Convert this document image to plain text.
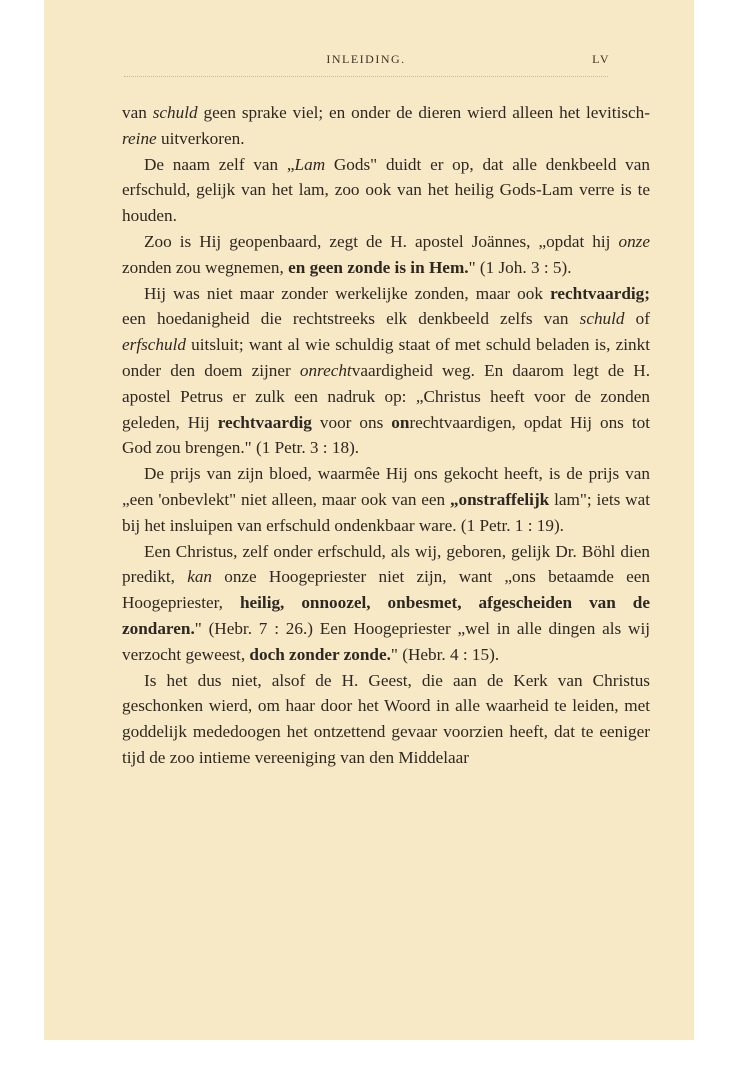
INLEIDING.	LV

van schuld geen sprake viel; en onder de dieren wierd alleen het levitisch-reine uitverkoren.

De naam zelf van „Lam Gods" duidt er op, dat alle denkbeeld van erfschuld, gelijk van het lam, zoo ook van het heilig Gods-Lam verre is te houden.

Zoo is Hij geopenbaard, zegt de H. apostel Joännes, „opdat hij onze zonden zou wegnemen, en geen zonde is in Hem." (1 Joh. 3 : 5).

Hij was niet maar zonder werkelijke zonden, maar ook rechtvaardig; een hoedanigheid die rechtstreeks elk denkbeeld zelfs van schuld of erfschuld uitsluit; want al wie schuldig staat of met schuld beladen is, zinkt onder den doem zijner onrechtvaardigheid weg. En daarom legt de H. apostel Petrus er zulk een nadruk op: „Christus heeft voor de zonden geleden, Hij rechtvaardig voor ons onrechtvaardigen, opdat Hij ons tot God zou brengen." (1 Petr. 3 : 18).

De prijs van zijn bloed, waarmêe Hij ons gekocht heeft, is de prijs van „een 'onbevlekt" niet alleen, maar ook van een „onstraffelijk lam"; iets wat bij het insluipen van erfschuld ondenkbaar ware. (1 Petr. 1 : 19).

Een Christus, zelf onder erfschuld, als wij, geboren, gelijk Dr. Böhl dien predikt, kan onze Hoogepriester niet zijn, want „ons betaamde een Hoogepriester, heilig, onnoozel, onbesmet, afgescheiden van de zondaren." (Hebr. 7 : 26.) Een Hoogepriester „wel in alle dingen als wij verzocht geweest, doch zonder zonde." (Hebr. 4 : 15).

Is het dus niet, alsof de H. Geest, die aan de Kerk van Christus geschonken wierd, om haar door het Woord in alle waarheid te leiden, met goddelijk mededoogen het ontzettend gevaar voorzien heeft, dat te eeniger tijd de zoo intieme vereeniging van den Middelaar
